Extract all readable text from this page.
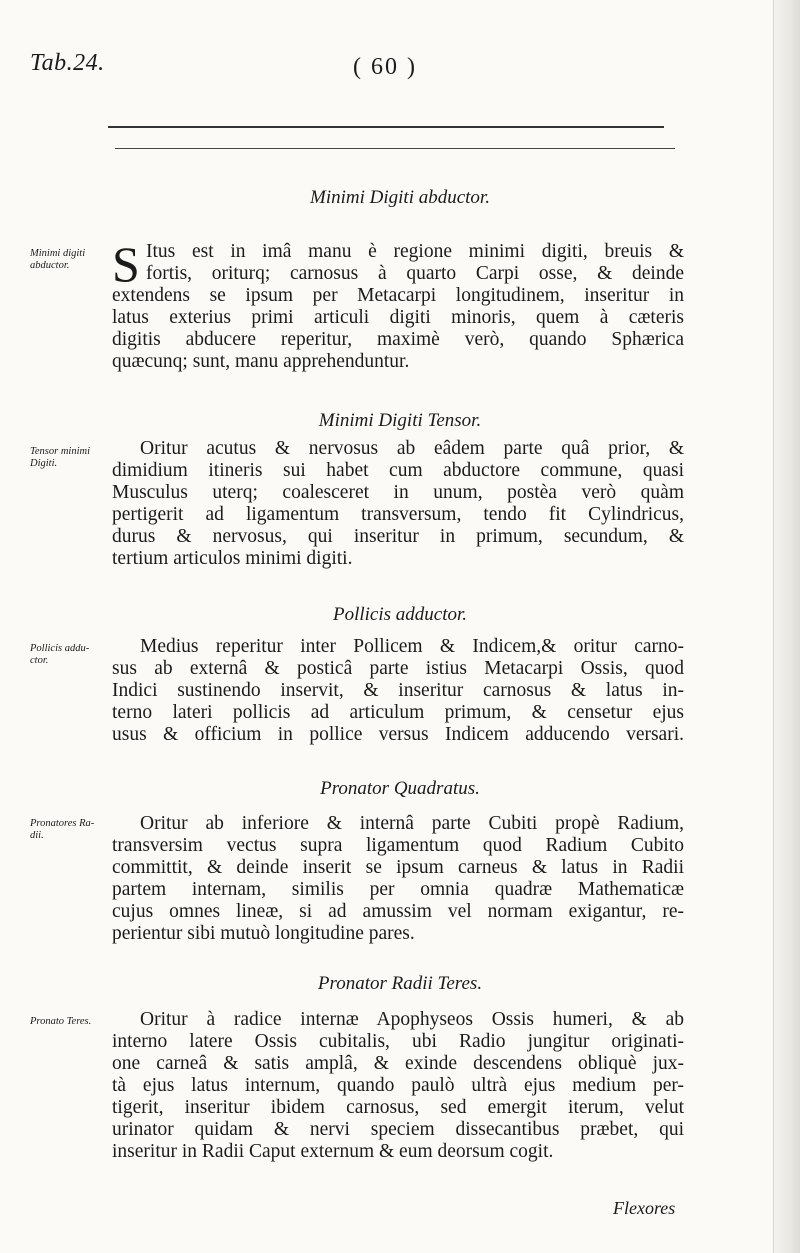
Tab.24.	( 60 )
Minimi Digiti abductor.
Minimi digiti
abductor. S Itus est in imâ manu è regione minimi digiti, breuis &
fortis, oriturq; carnosus à quarto Carpi osse, & deinde
extendens se ipsum per Metacarpi longitudinem, inseritur in
latus exterius primi articuli digiti minoris, quem à cæteris
digitis abducere reperitur, maximè verò, quando Sphærica
quæcunq; sunt, manu apprehenduntur.
Minimi Digiti Tensor.
Tensor minimi
Digiti.
Oritur acutus & nervosus ab eâdem parte quâ prior, &
dimidium itineris sui habet cum abductore commune, quasi
Musculus uterq; coalesceret in unum, postèa verò quàm
pertigerit ad ligamentum transversum, tendo fit Cylindricus,
durus & nervosus, qui inseritur in primum, secundum, &
tertium articulos minimi digiti.
Pollicis adductor.
Pollicis addu-
ctor.
Medius reperitur inter Pollicem & Indicem,& oritur carno-
sus ab externâ & posticâ parte istius Metacarpi Ossis, quod
Indici sustinendo inservit, & inseritur carnosus & latus in-
terno lateri pollicis ad articulum primum, & censetur ejus
usus & officium in pollice versus Indicem adducendo versari.
Pronator Quadratus.
Pronatores Ra-
dii.
Oritur ab inferiore & internâ parte Cubiti propè Radium,
transversim vectus supra ligamentum quod Radium Cubito
committit, & deinde inserit se ipsum carneus & latus in Radii
partem internam, similis per omnia quadræ Mathematicæ
cujus omnes lineæ, si ad amussim vel normam exigantur, re-
perientur sibi mutuò longitudine pares.
Pronator Radii Teres.
Pronato Teres.	Oritur à radice internæ Apophyseos Ossis humeri, & ab
interno latere Ossis cubitalis, ubi Radio jungitur originati-
one carneâ & satis amplâ, & exinde descendens obliquè jux-
tà ejus latus internum, quando paulò ultrà ejus medium per-
tigerit, inseritur ibidem carnosus, sed emergit iterum, velut
urinator quidam & nervi speciem dissecantibus præbet, qui
inseritur in Radii Caput externum & eum deorsum cogit.
Flexores
